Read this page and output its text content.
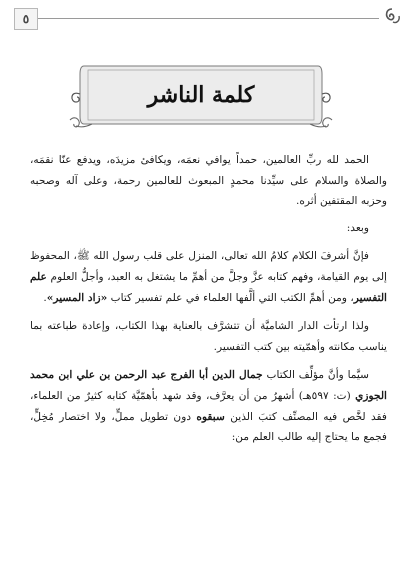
٥
كلمة الناشر

الحمد لله ربِّ العالمين، حمداً يوافي نعمَه، ويكافئ مزيدَه، ويدفع عنّا نقمَه، والصلاة والسلام على سيِّدنا محمدٍ المبعوث للعالمين رحمة، وعلى آله وصحبه وحزبه المقتفين أثره.

وبعد:

فإنَّ أشرفَ الكلام كلامُ الله تعالى، المنزل على قلب رسول الله ﷺ، المحفوظ إلى يوم القيامة، وفهم كتابه عزَّ وجلَّ من أهمِّ ما يشتغل به العبد، وأجلُّ العلوم علم التفسير، ومن أهمِّ الكتب التي ألَّفها العلماء في علم تفسير كتاب «زاد المسير».

ولذا ارتأت الدار الشاميَّة أن تتشرَّف بالعناية بهذا الكتاب، وإعادة طباعته بما يناسب مكانته وأهمّيته بين كتب التفسير.

سيَّما وأنَّ مؤلِّف الكتاب جمال الدين أبا الفرج عبد الرحمن بن علي ابن محمد الجوزي (ت: ٥٩٧هـ) أشهرُ من أن يعرَّف، وقد شهد بأهمّيَّة كتابه كثيرٌ من العلماء، فقد لخَّص فيه المصنِّف كتبَ الذين سبقوه دون تطويل مملٍّ، ولا اختصار مُخِلٍّ، فجمع ما يحتاج إليه طالب العلم من:
